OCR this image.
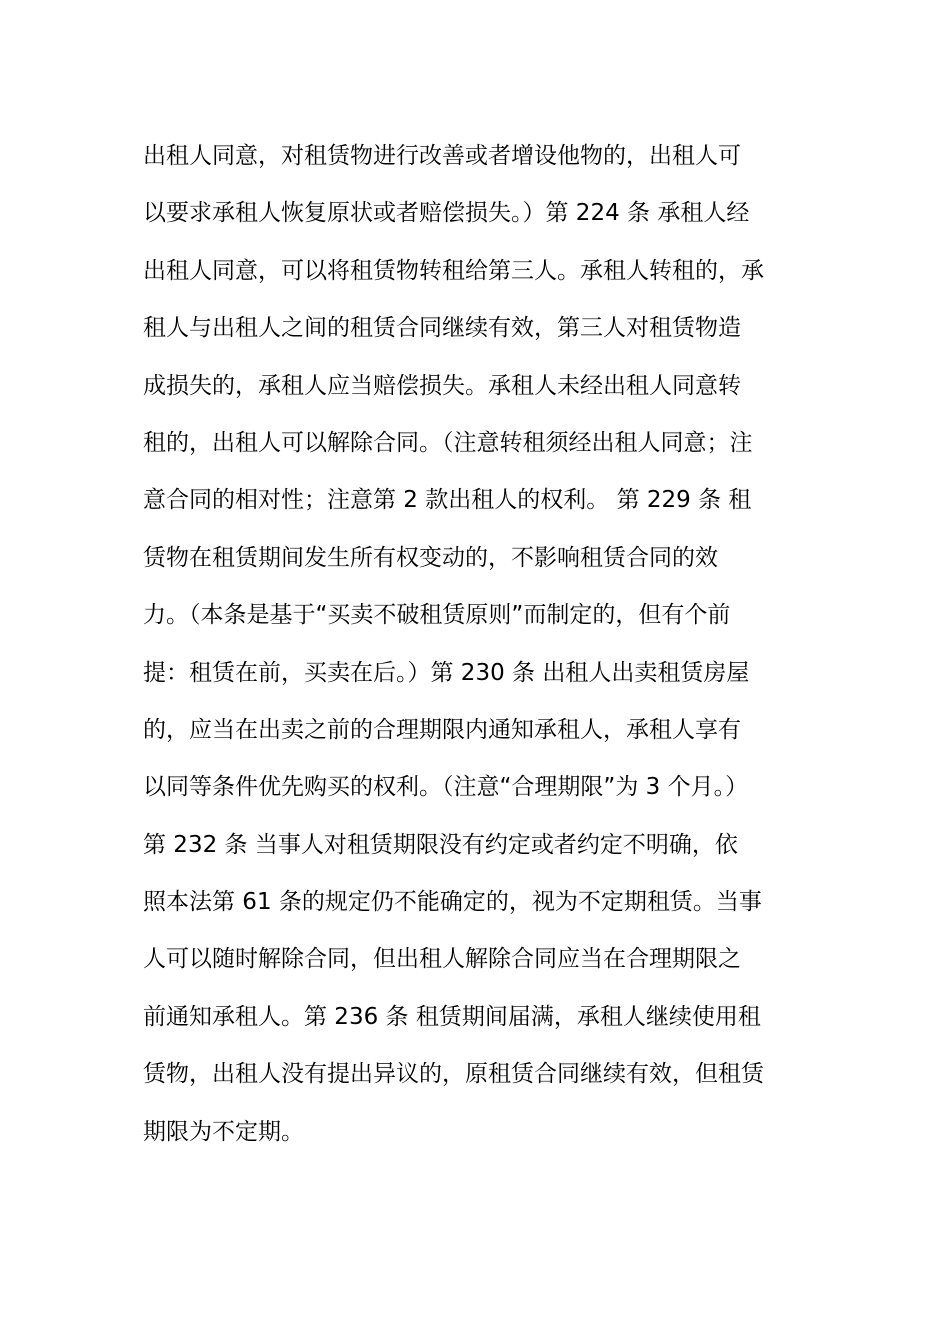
出租人同意，对租赁物进行改善或者增设他物的，出租人可
以要求承租人恢复原状或者赔偿损失。）第 224 条 承租人经
出租人同意，可以将租赁物转租给第三人。承租人转租的，承
租人与出租人之间的租赁合同继续有效，第三人对租赁物造
成损失的，承租人应当赔偿损失。承租人未经出租人同意转
租的，出租人可以解除合同。（注意转租须经出租人同意；注
意合同的相对性；注意第 2 款出租人的权利。 第 229 条 租
赁物在租赁期间发生所有权变动的，不影响租赁合同的效
力。（本条是基于“买卖不破租赁原则”而制定的，但有个前
提：租赁在前，买卖在后。）第 230 条 出租人出卖租赁房屋
的，应当在出卖之前的合理期限内通知承租人，承租人享有
以同等条件优先购买的权利。（注意“合理期限”为 3 个月。）
第 232 条 当事人对租赁期限没有约定或者约定不明确，依
照本法第 61 条的规定仍不能确定的，视为不定期租赁。当事
人可以随时解除合同，但出租人解除合同应当在合理期限之
前通知承租人。第 236 条 租赁期间届满，承租人继续使用租
赁物，出租人没有提出异议的，原租赁合同继续有效，但租赁
期限为不定期。
